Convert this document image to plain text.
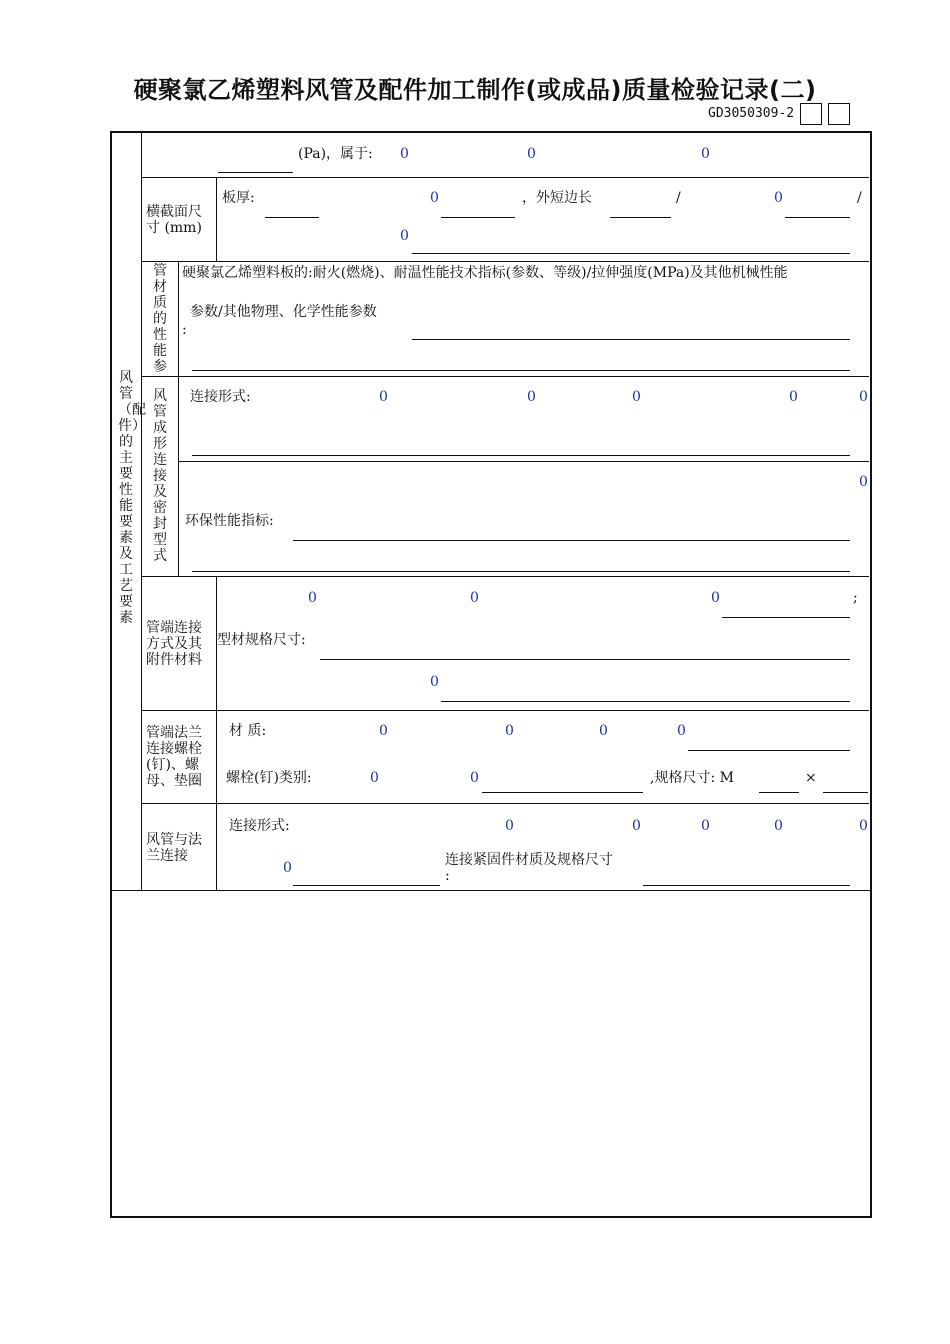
硬聚氯乙烯塑料风管及配件加工制作(或成品)质量检验记录(二)
GD3050309-2
风管（配件）的主要性能要素及工艺要素
(Pa)，属于: 0	0	0
横截面尺寸 (mm)
板厚:	0	，外短边长	/	0	/
0
管材质的性能参
硬聚氯乙烯塑料板的:耐火(燃烧)、耐温性能技术指标(参数、等级)/拉伸强度(MPa)及其他机械性能
参数/其他物理、化学性能参数
:
风管成形连接及密封型式
连接形式:	0	0	0	0	0
0
环保性能指标:
管端连接方式及其附件材料
0	0	0	;
型材规格尺寸:
0
管端法兰连接螺栓(钉)、螺母、垫圈
材 质:	0	0	0	0
螺栓(钉)类别:	0	0	,规格尺寸: M	×
风管与法兰连接
连接形式:	0	0	0	0	0
0	连接紧固件材质及规格尺寸
:
